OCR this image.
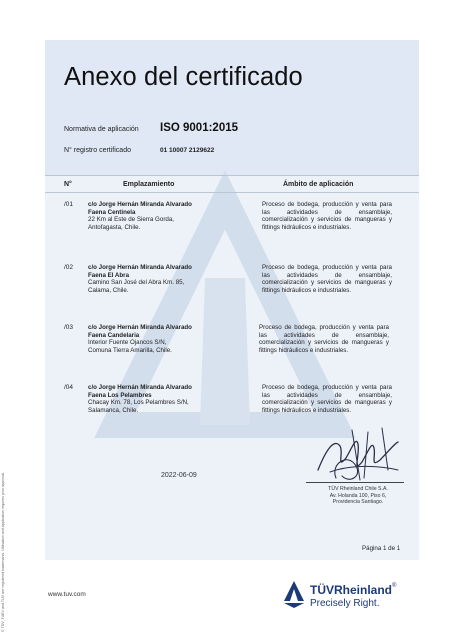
Anexo del certificado
Normativa de aplicación ISO 9001:2015
N° registro certificado	01 10007 2129622
N°	Emplazamiento	Ámbito de aplicación
/01 c/o Jorge Hernán Miranda Alvarado
Faena Centinela
22 Km al Este de Sierra Gorda,
Antofagasta, Chile.
Proceso de bodega, producción y venta para las actividades de ensamblaje, comercialización y servicios de mangueras y fittings hidráulicos e industriales.
/02 c/o Jorge Hernán Miranda Alvarado
Faena El Abra
Camino San José del Abra Km. 85,
Calama, Chile.
Proceso de bodega, producción y venta para las actividades de ensamblaje, comercialización y servicios de mangueras y fittings hidráulicos e industriales.
/03 c/o Jorge Hernán Miranda Alvarado
Faena Candelaria
Interior Fuente Ojancos S/N,
Comuna Tierra Amarilla, Chile.
Proceso de bodega, producción y venta para las actividades de ensamblaje, comercialización y servicios de mangueras y fittings hidráulicos e industriales.
/04 c/o Jorge Hernán Miranda Alvarado
Faena Los Pelambres
Chacay Km. 78, Los Pelambres S/N,
Salamanca, Chile.
Proceso de bodega, producción y venta para las actividades de ensamblaje, comercialización y servicios de mangueras y fittings hidráulicos e industriales.
2022-06-09
TÜV Rheinland Chile S.A.
Av. Holanda 100, Piso 6,
Providencia Santiago.
Página 1 de 1
www.tuv.com	TÜVRheinland®
Precisely Right.
© TÜV, TUEV and TUV are registered trademarks. Utilisation and application requires prior approval.
